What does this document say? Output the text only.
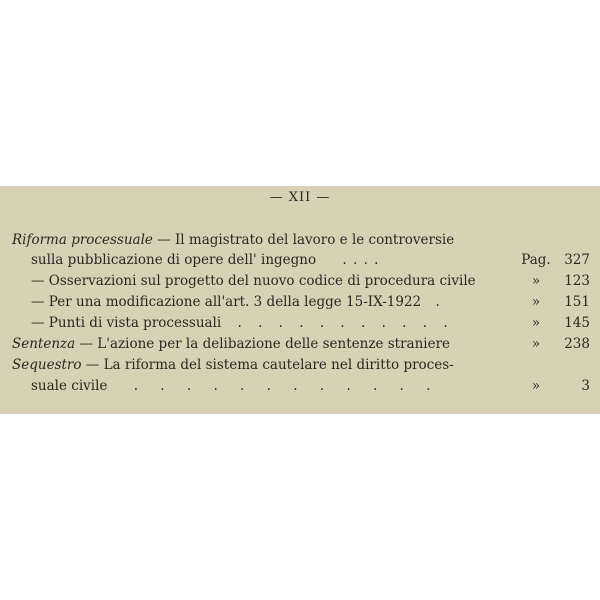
— XII —
Riforma processuale — Il magistrato del lavoro e le controversie
sulla pubblicazione di opere dell' ingegno . . . .	Pag. 327
— Osservazioni sul progetto del nuovo codice di procedura civile	»	123
— Per una modificazione all'art. 3 della legge 15-IX-1922 .	»	151
— Punti di vista processuali . . . . . . . . . . .	»	145
Sentenza — L'azione per la delibazione delle sentenze straniere	»	238
Sequestro — La riforma del sistema cautelare nel diritto proces-
suale civile . . . . . . . . . . . .	»	3
